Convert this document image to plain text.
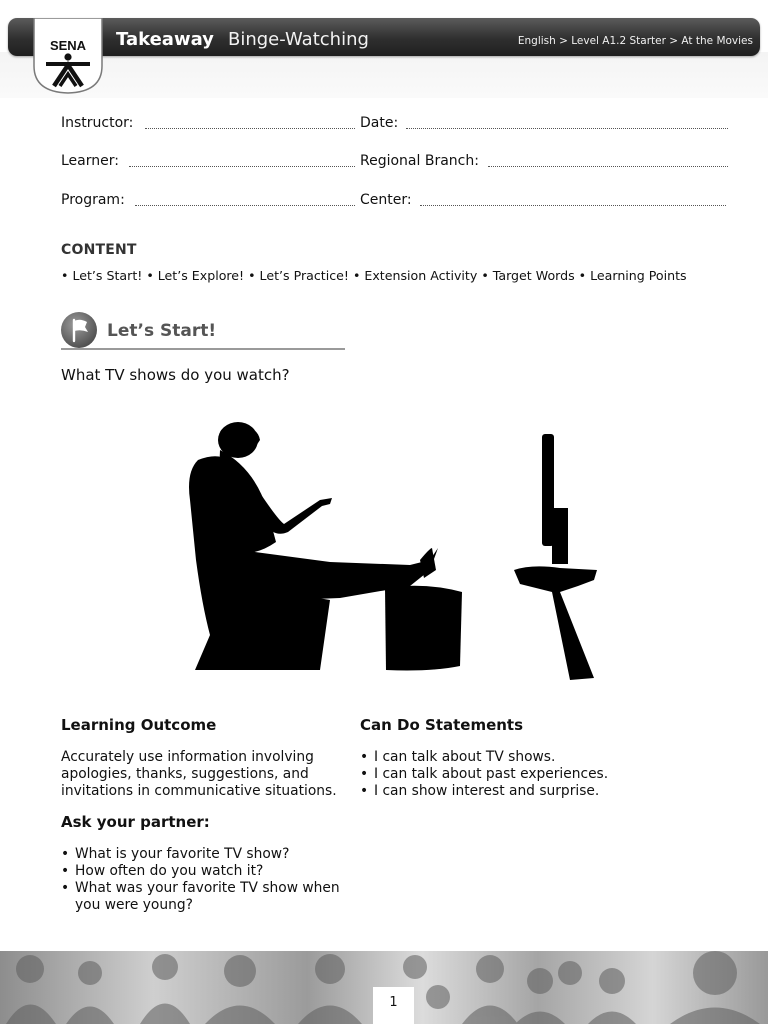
Takeaway Binge-Watching	English > Level A1.2 Starter > At the Movies
SENA
Instructor:	Date:
Learner:	Regional Branch:
Program:	Center:
CONTENT
• Let’s Start! • Let’s Explore! • Let’s Practice! • Extension Activity • Target Words • Learning Points
Let’s Start!
What TV shows do you watch?
Learning Outcome
Accurately use information involving apologies, thanks, suggestions, and invitations in communicative situations.
Can Do Statements
• I can talk about TV shows.
• I can talk about past experiences.
• I can show interest and surprise.
Ask your partner:
• What is your favorite TV show?
• How often do you watch it?
• What was your favorite TV show when you were young?
1
